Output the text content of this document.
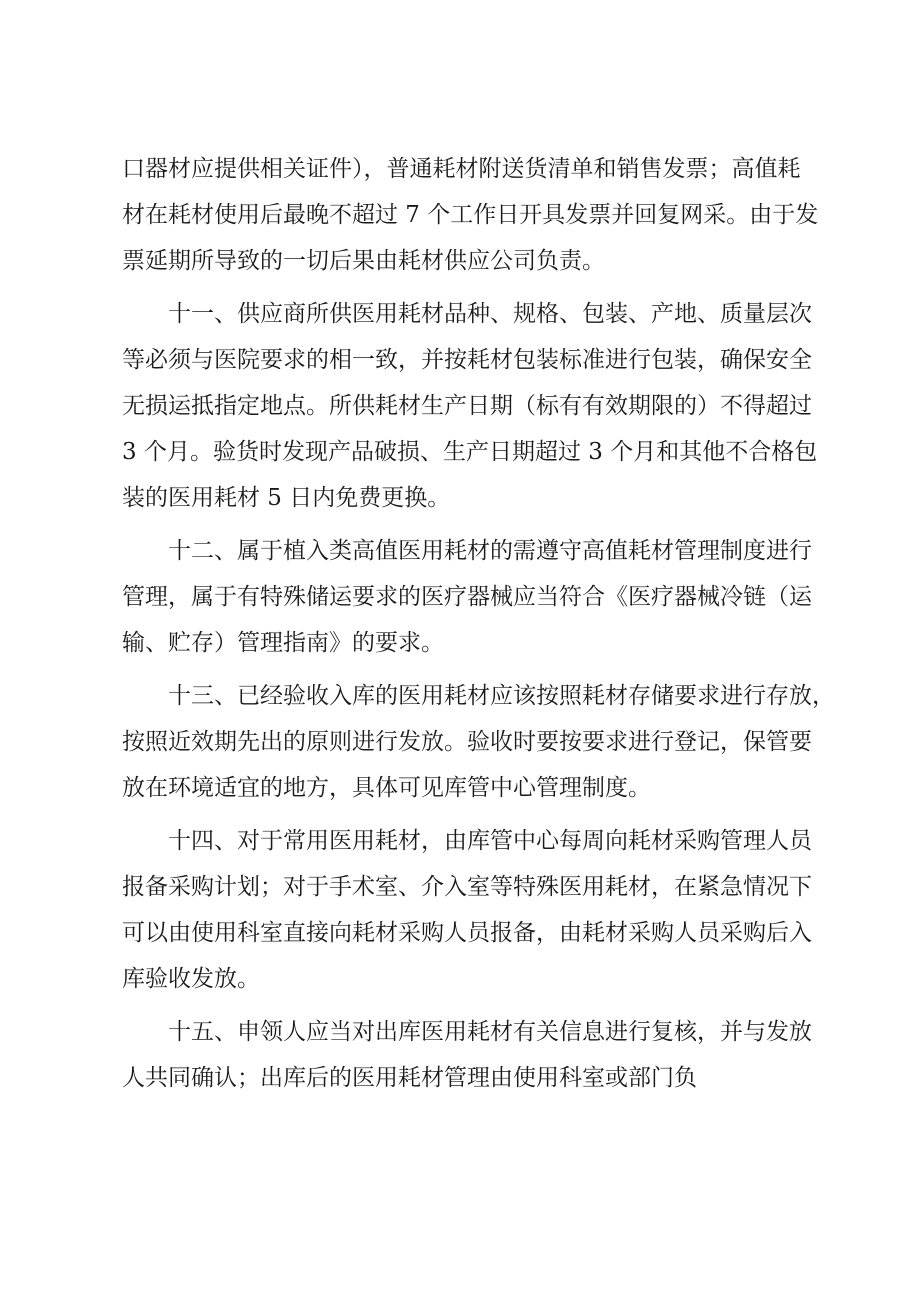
口器材应提供相关证件），普通耗材附送货清单和销售发票；高值耗
材在耗材使用后最晚不超过 7 个工作日开具发票并回复网采。由于发
票延期所导致的一切后果由耗材供应公司负责。
十一、供应商所供医用耗材品种、规格、包装、产地、质量层次
等必须与医院要求的相一致，并按耗材包装标准进行包装，确保安全
无损运抵指定地点。所供耗材生产日期（标有有效期限的）不得超过
3 个月。验货时发现产品破损、生产日期超过 3 个月和其他不合格包
装的医用耗材 5 日内免费更换。
十二、属于植入类高值医用耗材的需遵守高值耗材管理制度进行
管理，属于有特殊储运要求的医疗器械应当符合《医疗器械冷链（运
输、贮存）管理指南》的要求。
十三、已经验收入库的医用耗材应该按照耗材存储要求进行存放，
按照近效期先出的原则进行发放。验收时要按要求进行登记，保管要
放在环境适宜的地方，具体可见库管中心管理制度。
十四、对于常用医用耗材，由库管中心每周向耗材采购管理人员
报备采购计划；对于手术室、介入室等特殊医用耗材，在紧急情况下
可以由使用科室直接向耗材采购人员报备，由耗材采购人员采购后入
库验收发放。
十五、申领人应当对出库医用耗材有关信息进行复核，并与发放
人共同确认；出库后的医用耗材管理由使用科室或部门负
